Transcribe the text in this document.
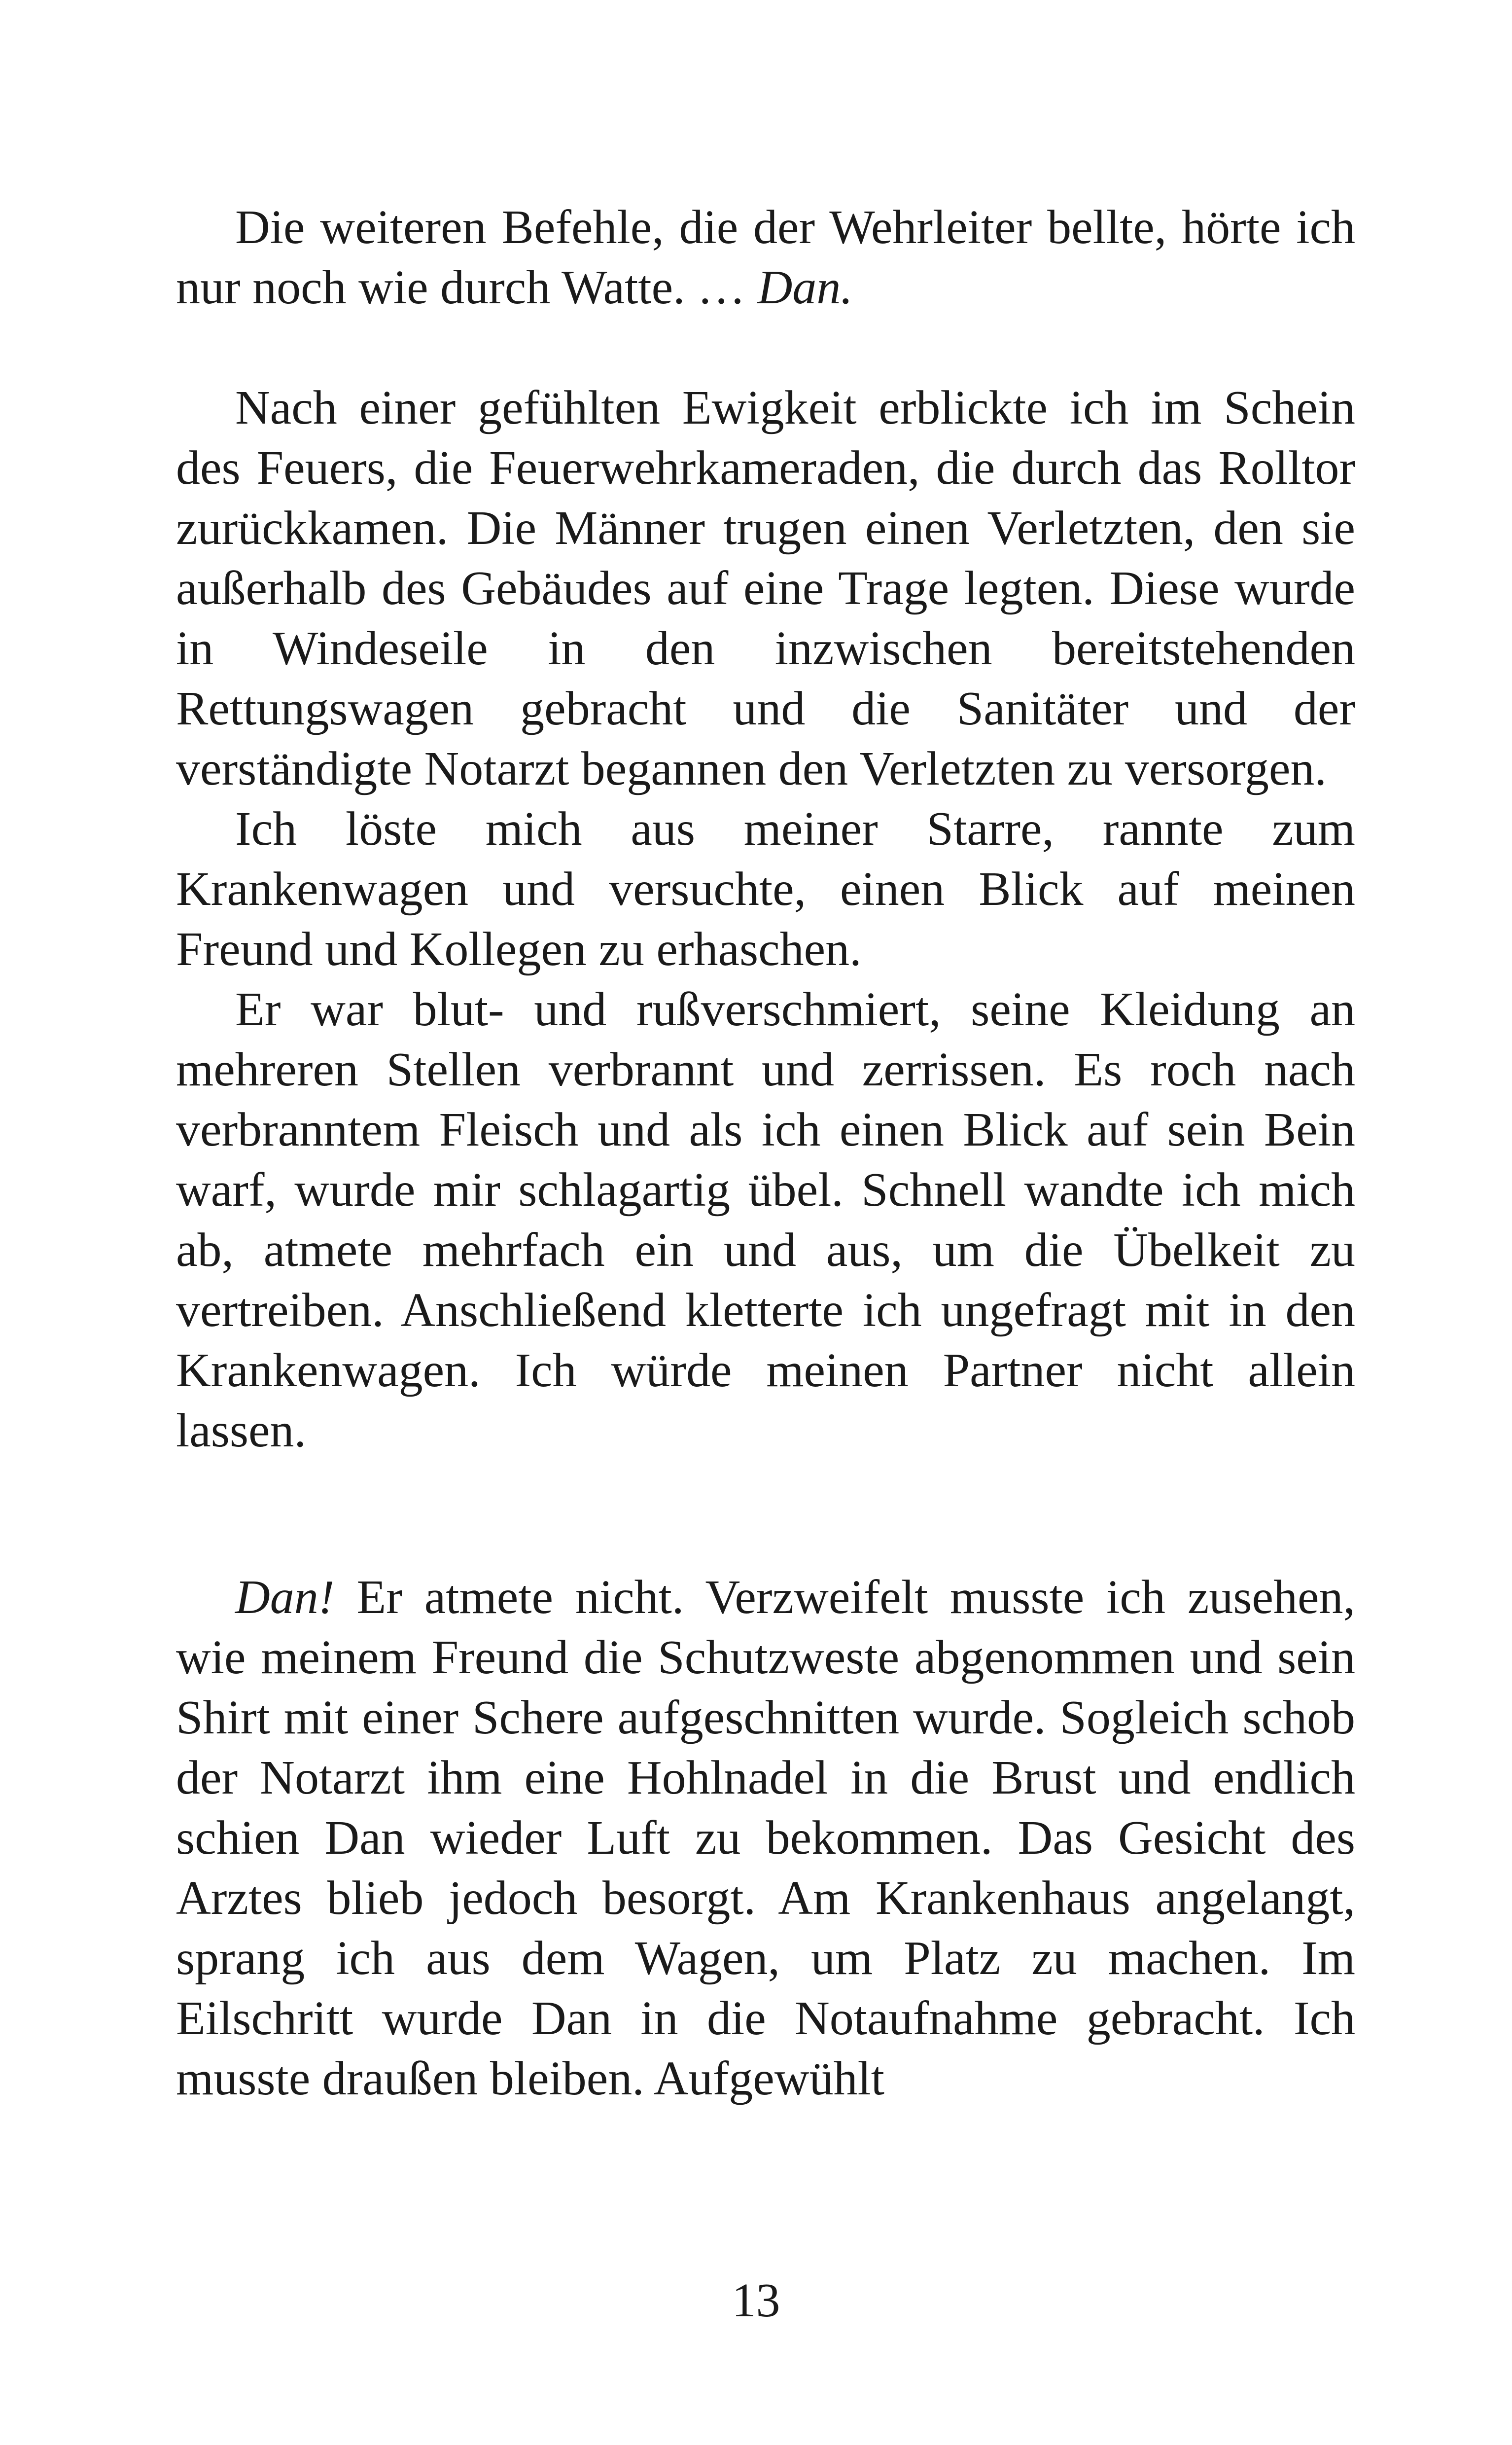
Die weiteren Befehle, die der Wehrleiter bellte, hörte ich nur noch wie durch Watte. … Dan.

Nach einer gefühlten Ewigkeit erblickte ich im Schein des Feuers, die Feuerwehrkameraden, die durch das Rolltor zurückkamen. Die Männer trugen einen Verletzten, den sie außerhalb des Gebäudes auf eine Trage legten. Diese wurde in Windeseile in den inzwischen bereitstehenden Rettungswagen gebracht und die Sanitäter und der verständigte Notarzt begannen den Verletzten zu versorgen.

Ich löste mich aus meiner Starre, rannte zum Krankenwagen und versuchte, einen Blick auf meinen Freund und Kollegen zu erhaschen.

Er war blut- und rußverschmiert, seine Kleidung an mehreren Stellen verbrannt und zerrissen. Es roch nach verbranntem Fleisch und als ich einen Blick auf sein Bein warf, wurde mir schlagartig übel. Schnell wandte ich mich ab, atmete mehrfach ein und aus, um die Übelkeit zu vertreiben. Anschließend kletterte ich ungefragt mit in den Krankenwagen. Ich würde meinen Partner nicht allein lassen.

Dan! Er atmete nicht. Verzweifelt musste ich zusehen, wie meinem Freund die Schutzweste abgenommen und sein Shirt mit einer Schere aufgeschnitten wurde. Sogleich schob der Notarzt ihm eine Hohlnadel in die Brust und endlich schien Dan wieder Luft zu bekommen. Das Gesicht des Arztes blieb jedoch besorgt. Am Krankenhaus angelangt, sprang ich aus dem Wagen, um Platz zu machen. Im Eilschritt wurde Dan in die Notaufnahme gebracht. Ich musste draußen bleiben. Aufgewühlt

13
